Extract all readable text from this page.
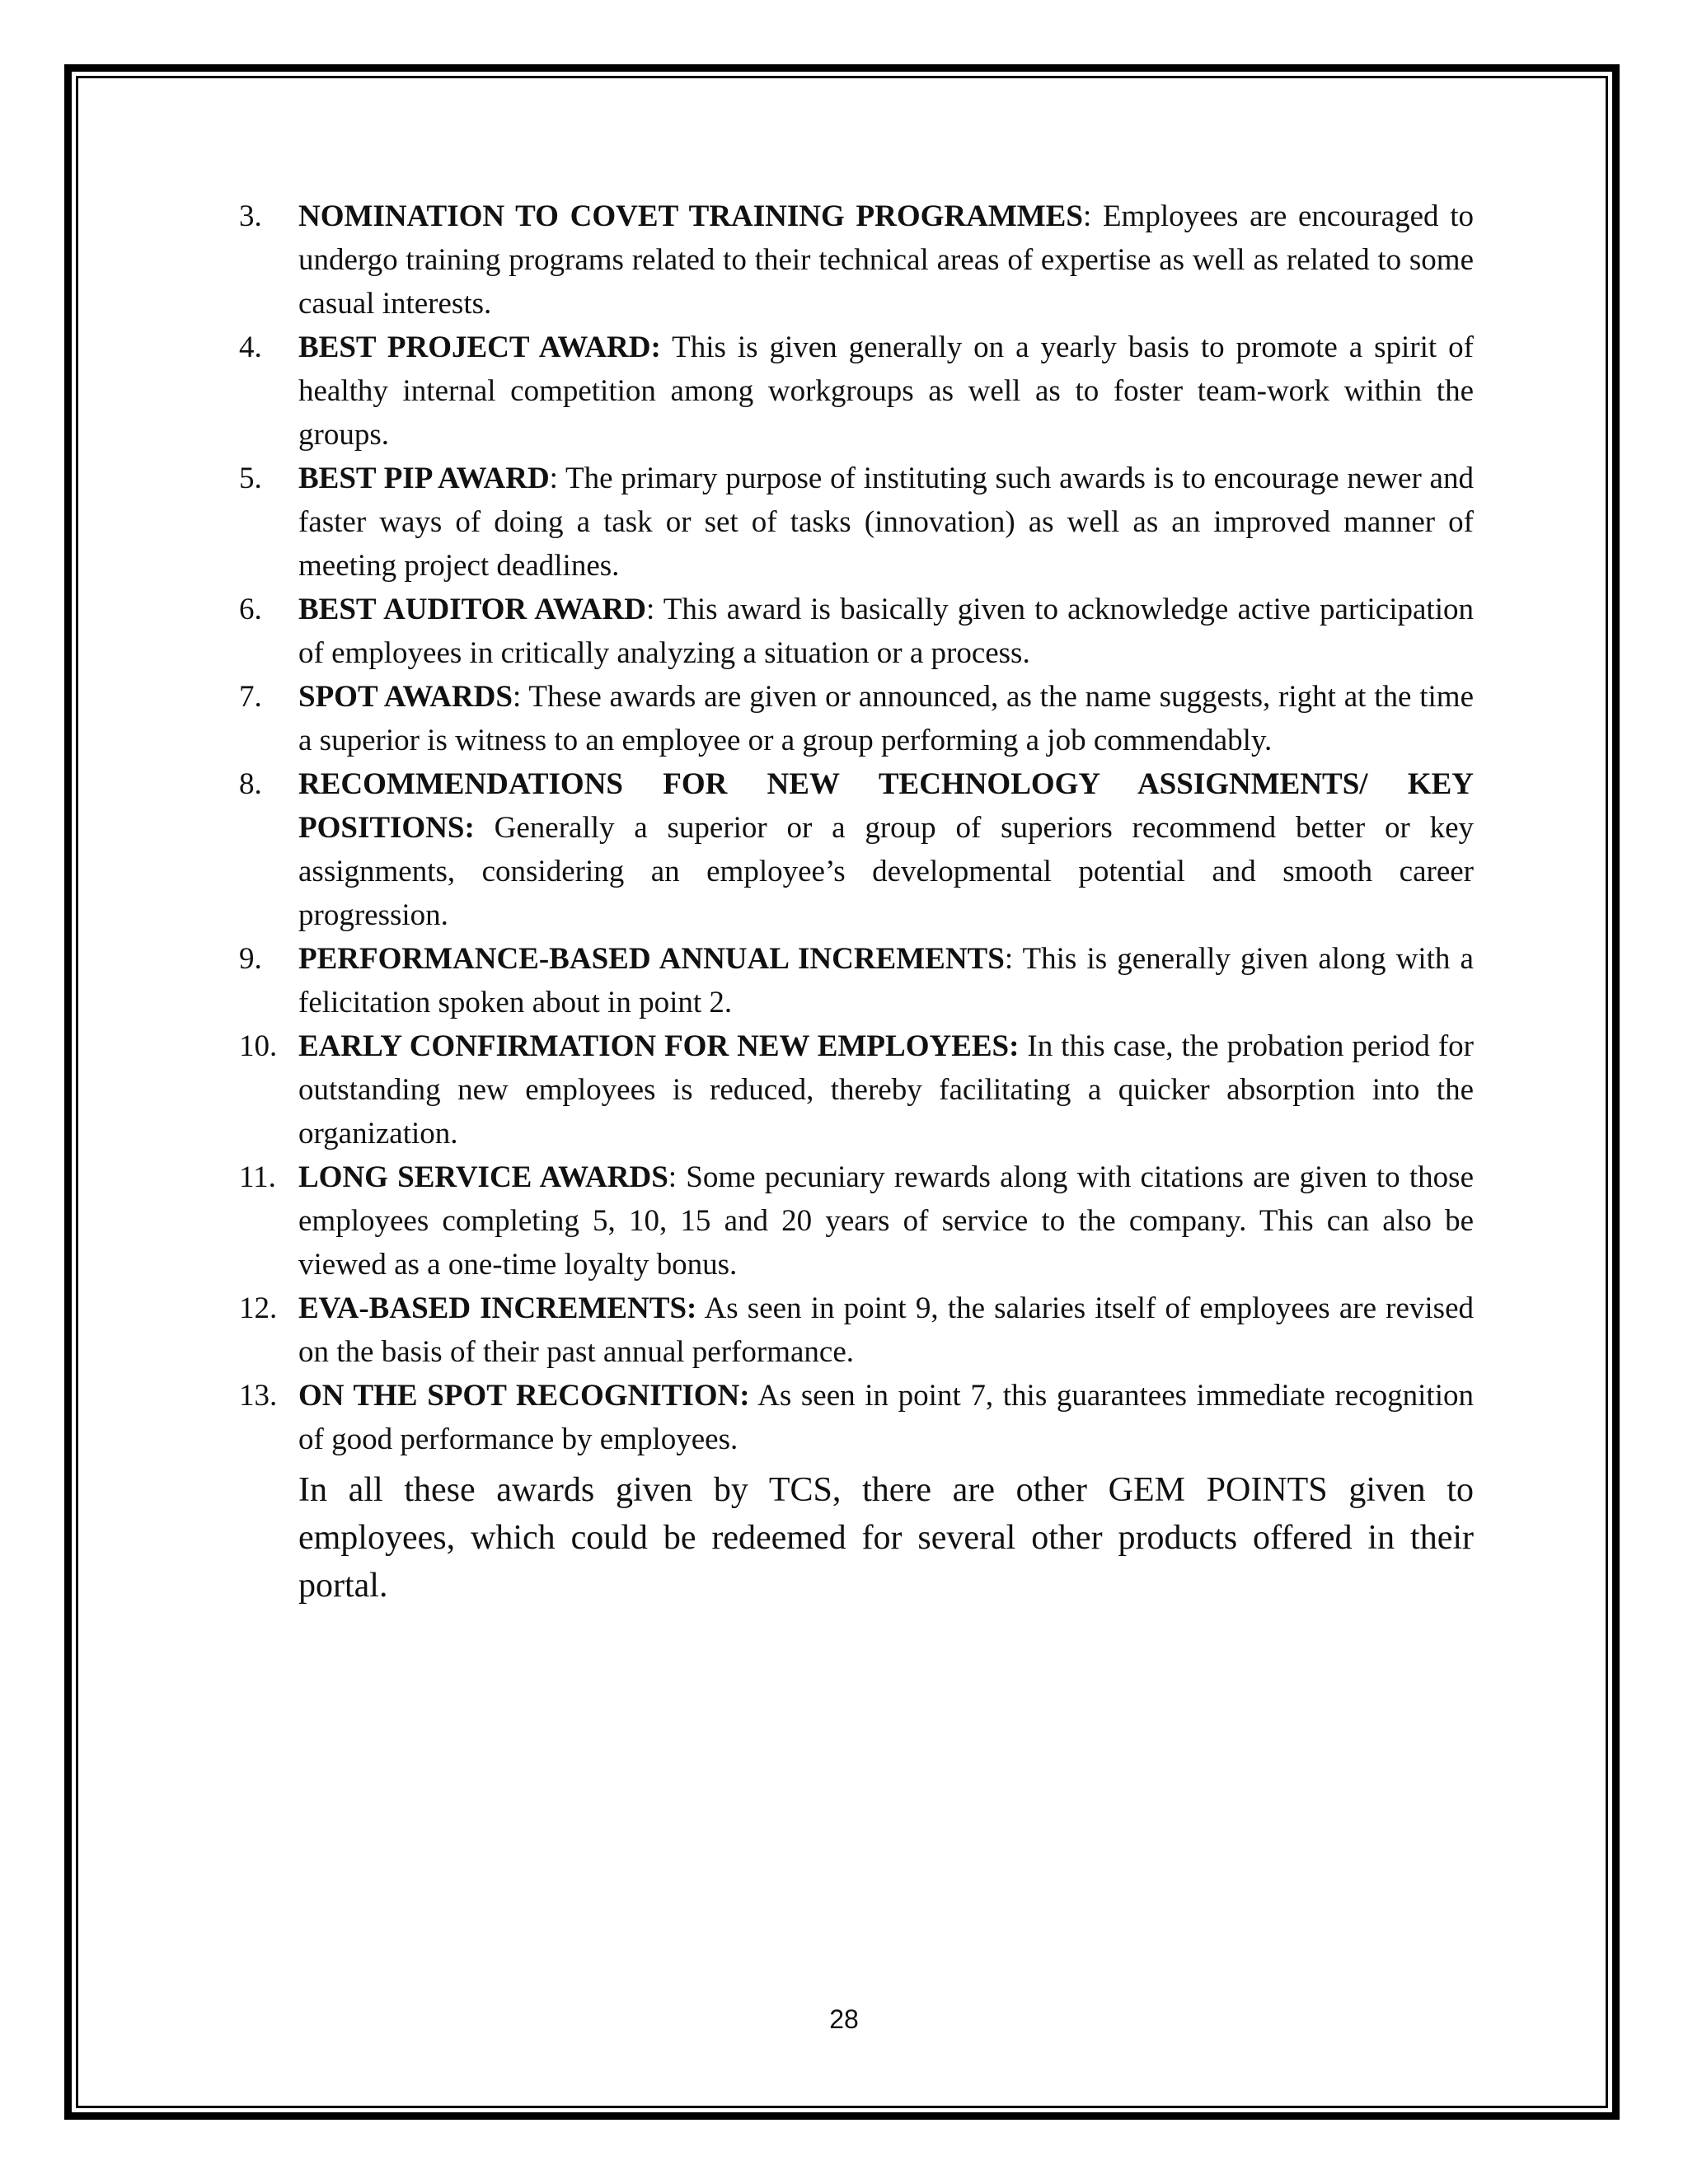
3.	NOMINATION TO COVET TRAINING PROGRAMMES: Employees are encouraged to undergo training programs related to their technical areas of expertise as well as related to some casual interests.
4.	BEST PROJECT AWARD: This is given generally on a yearly basis to promote a spirit of healthy internal competition among workgroups as well as to foster team-work within the groups.
5.	BEST PIP AWARD: The primary purpose of instituting such awards is to encourage newer and faster ways of doing a task or set of tasks (innovation) as well as an improved manner of meeting project deadlines.
6.	BEST AUDITOR AWARD: This award is basically given to acknowledge active participation of employees in critically analyzing a situation or a process.
7.	SPOT AWARDS: These awards are given or announced, as the name suggests, right at the time a superior is witness to an employee or a group performing a job commendably.
8.	RECOMMENDATIONS FOR NEW TECHNOLOGY ASSIGNMENTS/ KEY POSITIONS: Generally a superior or a group of superiors recommend better or key assignments, considering an employee’s developmental potential and smooth career progression.
9.	PERFORMANCE-BASED ANNUAL INCREMENTS: This is generally given along with a felicitation spoken about in point 2.
10. EARLY CONFIRMATION FOR NEW EMPLOYEES: In this case, the probation period for outstanding new employees is reduced, thereby facilitating a quicker absorption into the organization.
11. LONG SERVICE AWARDS: Some pecuniary rewards along with citations are given to those employees completing 5, 10, 15 and 20 years of service to the company. This can also be viewed as a one-time loyalty bonus.
12. EVA-BASED INCREMENTS: As seen in point 9, the salaries itself of employees are revised on the basis of their past annual performance.
13. ON THE SPOT RECOGNITION: As seen in point 7, this guarantees immediate recognition of good performance by employees.
In all these awards given by TCS, there are other GEM POINTS given to employees, which could be redeemed for several other products offered in their portal.
28
